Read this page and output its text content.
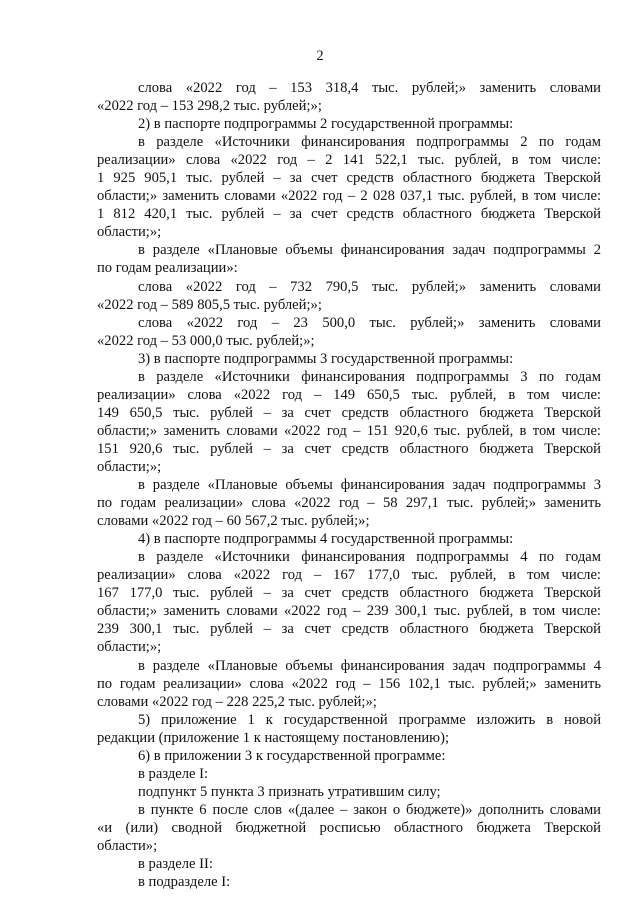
2
слова «2022 год – 153 318,4 тыс. рублей;» заменить словами
«2022 год – 153 298,2 тыс. рублей;»;
2) в паспорте подпрограммы 2 государственной программы:
в разделе «Источники финансирования подпрограммы 2 по годам
реализации» слова «2022 год – 2 141 522,1 тыс. рублей, в том числе:
1 925 905,1 тыс. рублей – за счет средств областного бюджета Тверской
области;» заменить словами «2022 год – 2 028 037,1 тыс. рублей, в том числе:
1 812 420,1 тыс. рублей – за счет средств областного бюджета Тверской
области;»;
в разделе «Плановые объемы финансирования задач подпрограммы 2
по годам реализации»:
слова «2022 год – 732 790,5 тыс. рублей;» заменить словами
«2022 год – 589 805,5 тыс. рублей;»;
слова «2022 год – 23 500,0 тыс. рублей;» заменить словами
«2022 год – 53 000,0 тыс. рублей;»;
3) в паспорте подпрограммы 3 государственной программы:
в разделе «Источники финансирования подпрограммы 3 по годам
реализации» слова «2022 год – 149 650,5 тыс. рублей, в том числе:
149 650,5 тыс. рублей – за счет средств областного бюджета Тверской
области;» заменить словами «2022 год – 151 920,6 тыс. рублей, в том числе:
151 920,6 тыс. рублей – за счет средств областного бюджета Тверской
области;»;
в разделе «Плановые объемы финансирования задач подпрограммы 3
по годам реализации» слова «2022 год – 58 297,1 тыс. рублей;» заменить
словами «2022 год – 60 567,2 тыс. рублей;»;
4) в паспорте подпрограммы 4 государственной программы:
в разделе «Источники финансирования подпрограммы 4 по годам
реализации» слова «2022 год – 167 177,0 тыс. рублей, в том числе:
167 177,0 тыс. рублей – за счет средств областного бюджета Тверской
области;» заменить словами «2022 год – 239 300,1 тыс. рублей, в том числе:
239 300,1 тыс. рублей – за счет средств областного бюджета Тверской
области;»;
в разделе «Плановые объемы финансирования задач подпрограммы 4
по годам реализации» слова «2022 год – 156 102,1 тыс. рублей;» заменить
словами «2022 год – 228 225,2 тыс. рублей;»;
5) приложение 1 к государственной программе изложить в новой
редакции (приложение 1 к настоящему постановлению);
6) в приложении 3 к государственной программе:
в разделе I:
подпункт 5 пункта 3 признать утратившим силу;
в пункте 6 после слов «(далее – закон о бюджете)» дополнить словами
«и (или) сводной бюджетной росписью областного бюджета Тверской
области»;
в разделе II:
в подразделе I:
